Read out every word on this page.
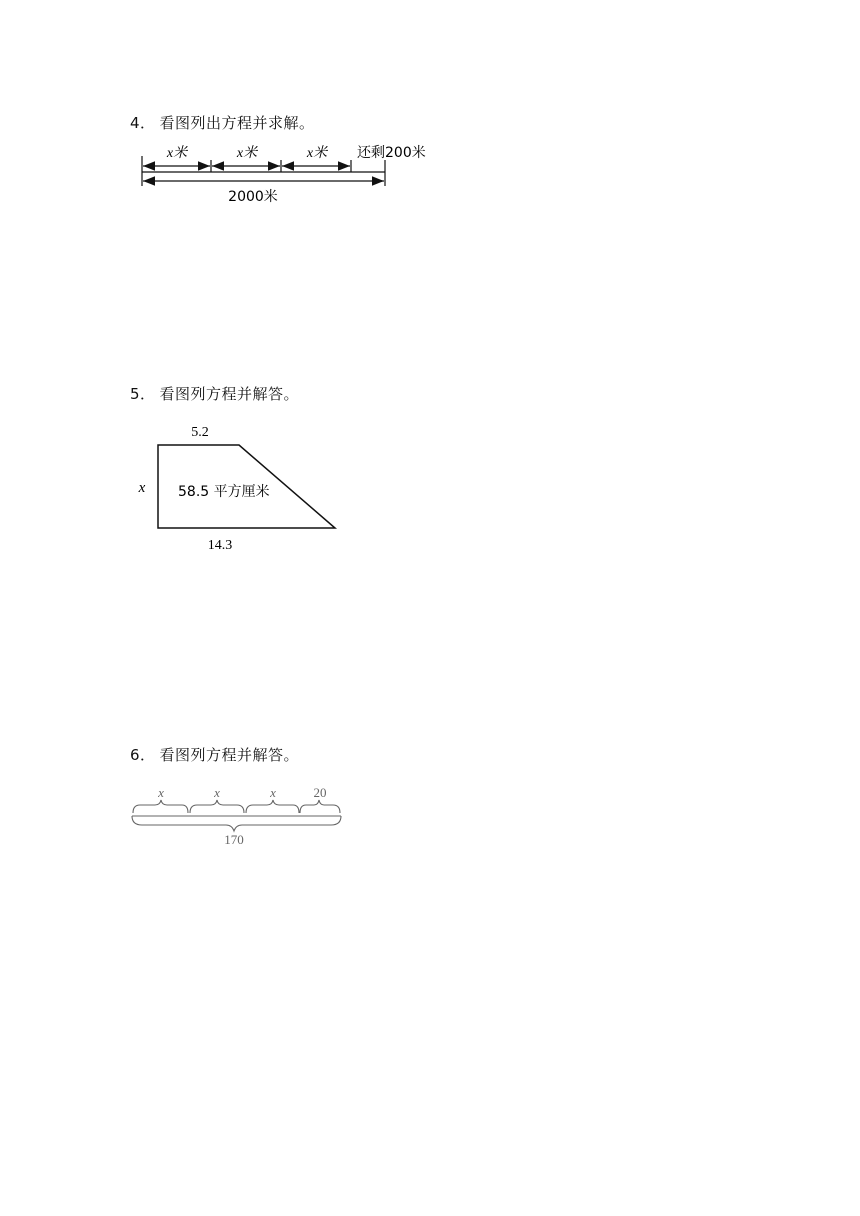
4． 看图列出方程并求解。
x米	x米	x米 还剩200米
2000米
5． 看图列方程并解答。
5.2
x 58.5 平方厘米
14.3
6． 看图列方程并解答。
x	x	x	20
170
